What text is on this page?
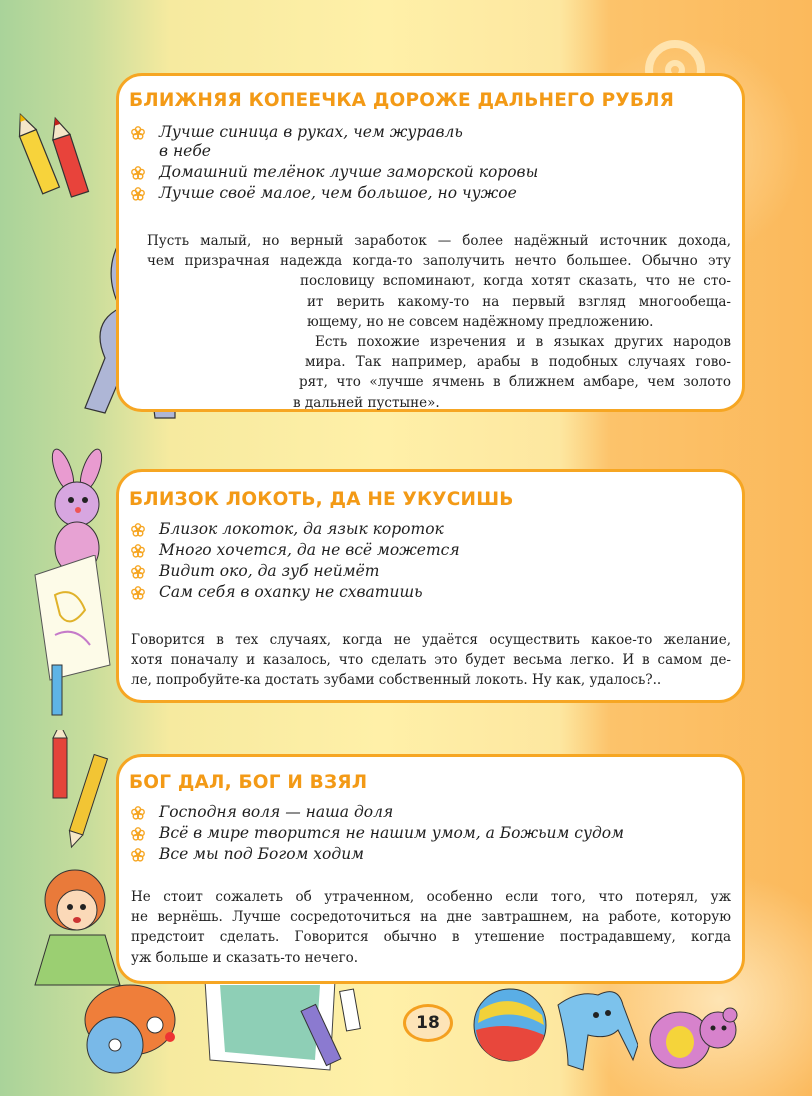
БЛИЖНЯЯ КОПЕЕЧКА ДОРОЖЕ ДАЛЬНЕГО РУБЛЯ
Лучше синица в руках, чем журавль
в небе
Домашний телёнок лучше заморской коровы
Лучше своё малое, чем большое, но чужое
Пусть малый, но верный заработок — более надёжный источник дохода,
чем призрачная надежда когда-то заполучить нечто большее. Обычно эту
пословицу вспоминают, когда хотят сказать, что не сто-
ит верить какому-то на первый взгляд многообеща-
ющему, но не совсем надёжному предложению.
Есть похожие изречения и в языках других народов
мира. Так например, арабы в подобных случаях гово-
рят, что «лучше ячмень в ближнем амбаре, чем золото
в дальней пустыне».
БЛИЗОК ЛОКОТЬ, ДА НЕ УКУСИШЬ
Близок локоток, да язык короток
Много хочется, да не всё можется
Видит око, да зуб неймёт
Сам себя в охапку не схватишь
Говорится в тех случаях, когда не удаётся осуществить какое-то желание,
хотя поначалу и казалось, что сделать это будет весьма легко. И в самом де-
ле, попробуйте-ка достать зубами собственный локоть. Ну как, удалось?..
БОГ ДАЛ, БОГ И ВЗЯЛ
Господня воля — наша доля
Всё в мире творится не нашим умом, а Божьим судом
Все мы под Богом ходим
Не стоит сожалеть об утраченном, особенно если того, что потерял, уж
не вернёшь. Лучше сосредоточиться на дне завтрашнем, на работе, которую
предстоит сделать. Говорится обычно в утешение пострадавшему, когда
уж больше и сказать-то нечего.
18
